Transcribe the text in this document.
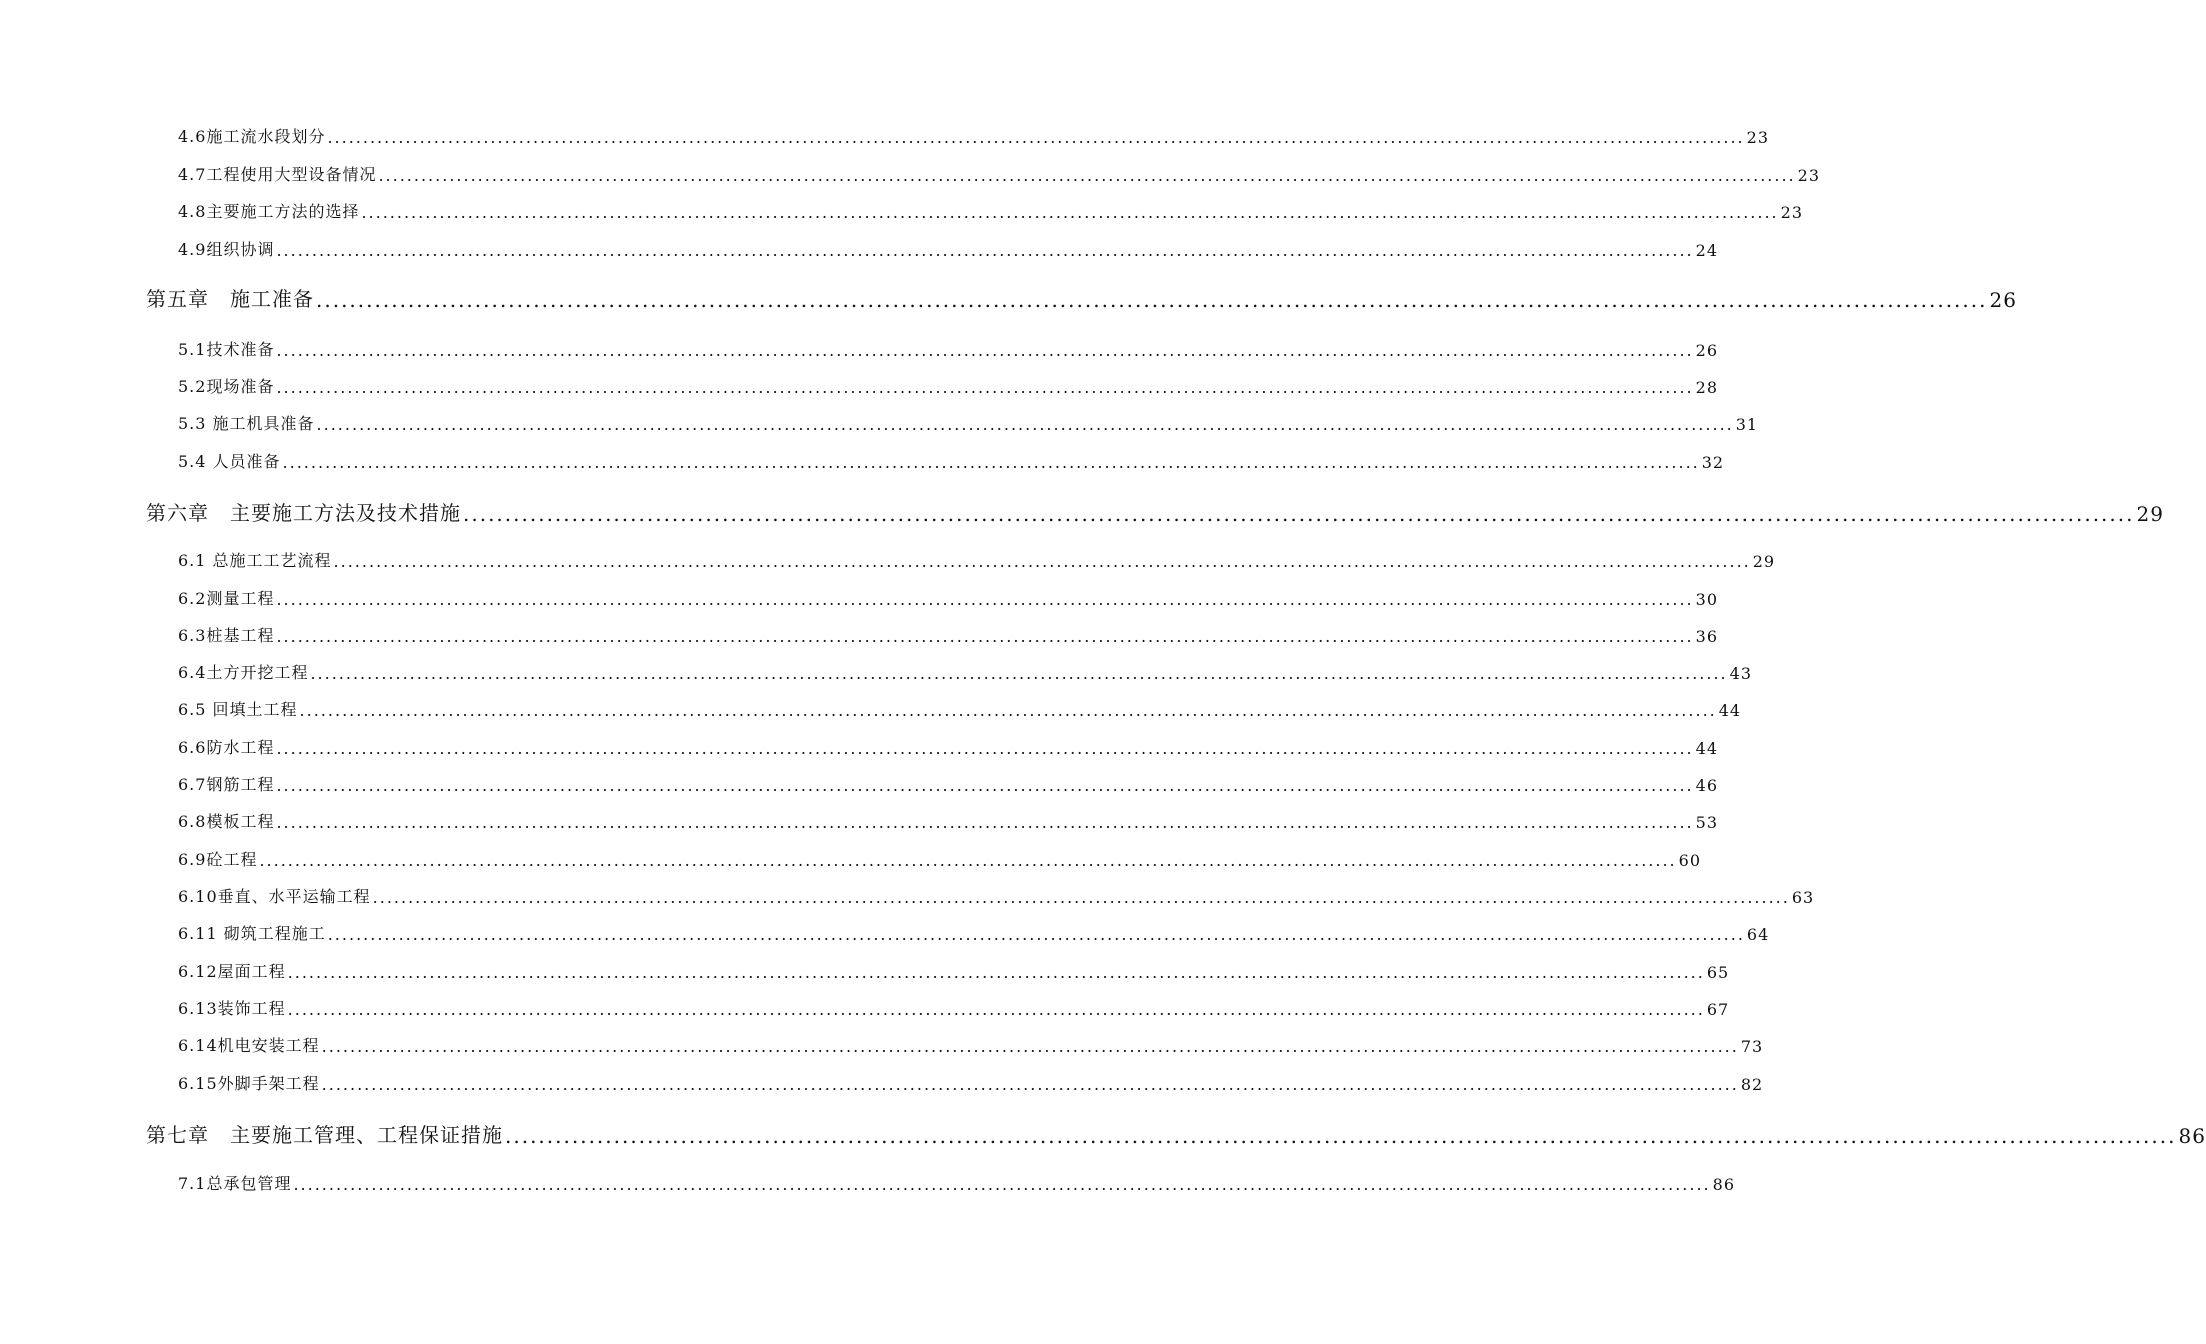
4.6施工流水段划分 ........................................................................................................................................................................................................ 23
4.7工程使用大型设备情况 ........................................................................................................................................................................................................ 23
4.8主要施工方法的选择 ........................................................................................................................................................................................................ 23
4.9组织协调 ........................................................................................................................................................................................................ 24
第五章　施工准备 ........................................................................................................................................................................................................ 26
5.1技术准备 ........................................................................................................................................................................................................ 26
5.2现场准备 ........................................................................................................................................................................................................ 28
5.3 施工机具准备 ........................................................................................................................................................................................................ 31
5.4 人员准备 ........................................................................................................................................................................................................ 32
第六章　主要施工方法及技术措施 ........................................................................................................................................................................................................ 29
6.1 总施工工艺流程 ........................................................................................................................................................................................................ 29
6.2测量工程 ........................................................................................................................................................................................................ 30
6.3桩基工程 ........................................................................................................................................................................................................ 36
6.4土方开挖工程 ........................................................................................................................................................................................................ 43
6.5 回填土工程 ........................................................................................................................................................................................................ 44
6.6防水工程 ........................................................................................................................................................................................................ 44
6.7钢筋工程 ........................................................................................................................................................................................................ 46
6.8模板工程 ........................................................................................................................................................................................................ 53
6.9砼工程 ........................................................................................................................................................................................................ 60
6.10垂直、水平运输工程 ........................................................................................................................................................................................................ 63
6.11 砌筑工程施工 ........................................................................................................................................................................................................ 64
6.12屋面工程 ........................................................................................................................................................................................................ 65
6.13装饰工程 ........................................................................................................................................................................................................ 67
6.14机电安装工程 ........................................................................................................................................................................................................ 73
6.15外脚手架工程 ........................................................................................................................................................................................................ 82
第七章　主要施工管理、工程保证措施 ........................................................................................................................................................................................................ 86
7.1总承包管理 ........................................................................................................................................................................................................ 86
